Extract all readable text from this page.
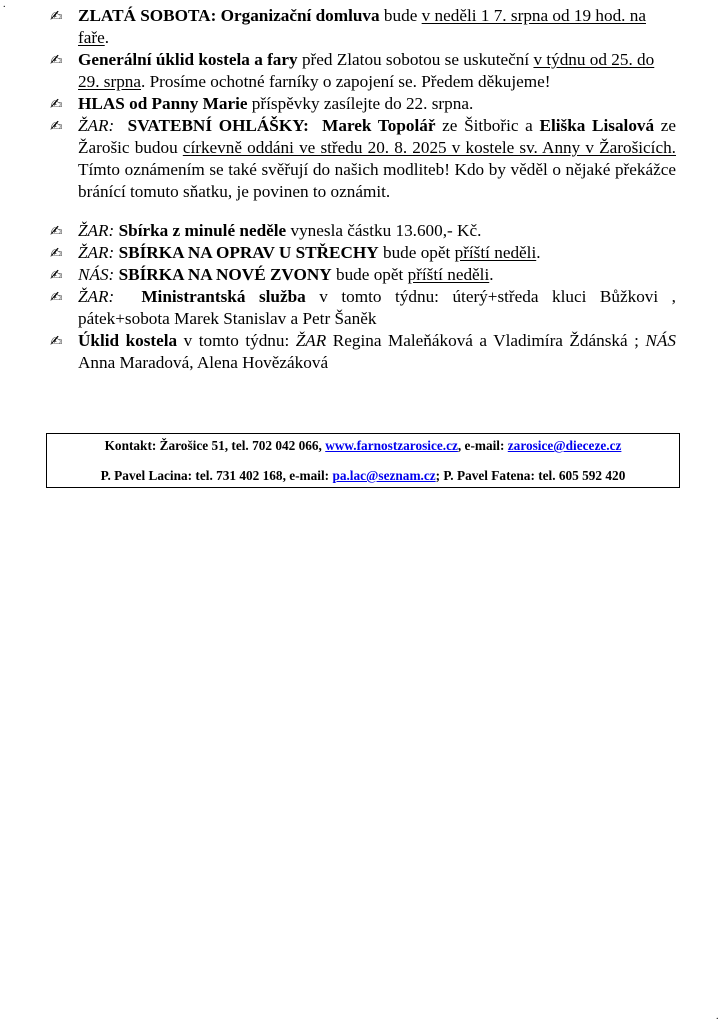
.
✍ ZLATÁ SOBOTA: Organizační domluva bude v neděli 1 7. srpna od 19 hod. na faře.
✍ Generální úklid kostela a fary před Zlatou sobotou se uskuteční v týdnu od 25. do 29. srpna. Prosíme ochotné farníky o zapojení se. Předem děkujeme!
✍ HLAS od Panny Marie příspěvky zasílejte do 22. srpna.
✍ ŽAR: SVATEBNÍ OHLÁŠKY: Marek Topolář ze Šitbořic a Eliška Lisalová ze Žarošic budou církevně oddáni ve středu 20. 8. 2025 v kostele sv. Anny v Žarošicích. Tímto oznámením se také svěřují do našich modliteb! Kdo by věděl o nějaké překážce bránící tomuto sňatku, je povinen to oznámit.
✍ ŽAR: Sbírka z minulé neděle vynesla částku 13.600,- Kč.
✍ ŽAR: SBÍRKA NA OPRAV U STŘECHY bude opět příští neděli.
✍ NÁS: SBÍRKA NA NOVÉ ZVONY bude opět příští neděli.
✍ ŽAR: Ministrantská služba v tomto týdnu: úterý+středa kluci Bůžkovi , pátek+sobota Marek Stanislav a Petr Šaněk
✍ Úklid kostela v tomto týdnu: ŽAR Regina Maleňáková a Vladimíra Ždánská ; NÁS Anna Maradová, Alena Hovězáková
Kontakt: Žarošice 51, tel. 702 042 066, www.farnostzarosice.cz, e-mail: zarosice@dieceze.cz
P. Pavel Lacina: tel. 731 402 168, e-mail: pa.lac@seznam.cz; P. Pavel Fatena: tel. 605 592 420
.
